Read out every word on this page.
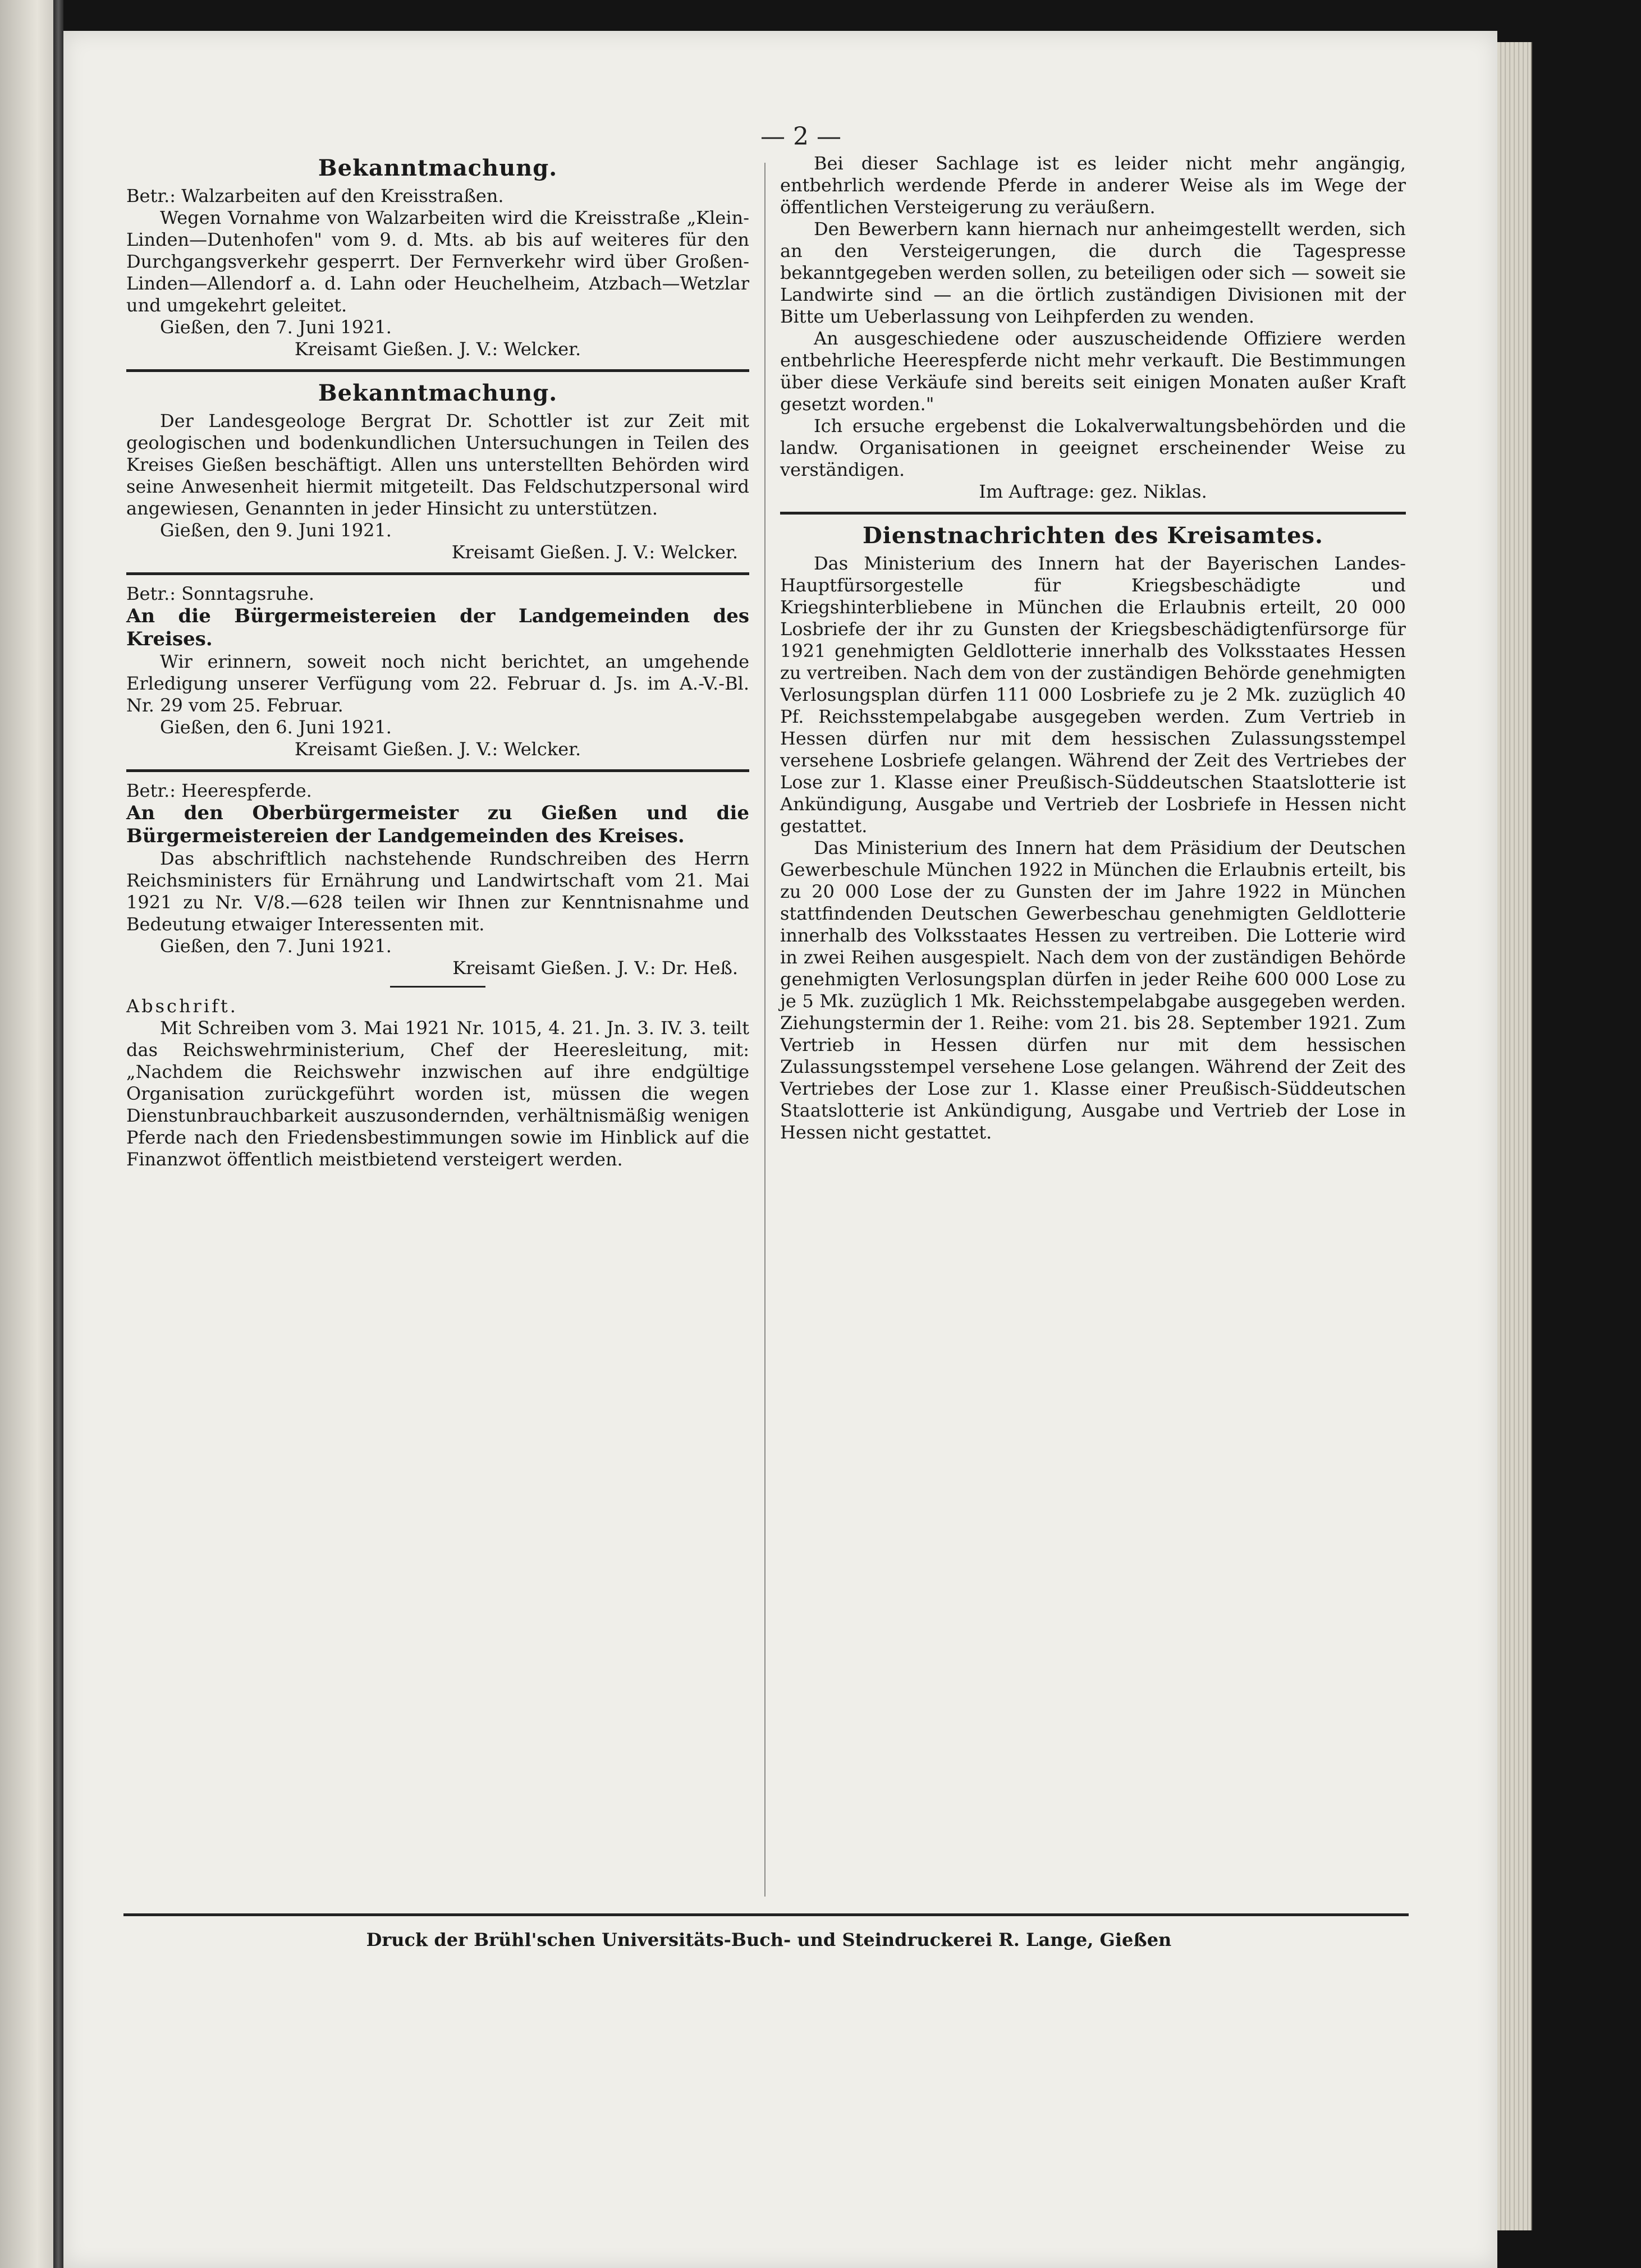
— 2 —
Bekanntmachung.

Betr.: Walzarbeiten auf den Kreisstraßen.

Wegen Vornahme von Walzarbeiten wird die Kreisstraße „Klein-Linden—Dutenhofen" vom 9. d. Mts. ab bis auf weiteres für den Durchgangsverkehr gesperrt. Der Fernverkehr wird über Großen-Linden—Allendorf a. d. Lahn oder Heuchelheim, Atzbach—Wetzlar und umgekehrt geleitet.

Gießen, den 7. Juni 1921.

Kreisamt Gießen. J. V.: Welcker.

Bekanntmachung.

Der Landesgeologe Bergrat Dr. Schottler ist zur Zeit mit geologischen und bodenkundlichen Untersuchungen in Teilen des Kreises Gießen beschäftigt. Allen uns unterstellten Behörden wird seine Anwesenheit hiermit mitgeteilt. Das Feldschutzpersonal wird angewiesen, Genannten in jeder Hinsicht zu unterstützen.

Gießen, den 9. Juni 1921.

Kreisamt Gießen. J. V.: Welcker.

Betr.: Sonntagsruhe.

An die Bürgermeistereien der Landgemeinden des Kreises.

Wir erinnern, soweit noch nicht berichtet, an umgehende Erledigung unserer Verfügung vom 22. Februar d. Js. im A.-V.-Bl. Nr. 29 vom 25. Februar.

Gießen, den 6. Juni 1921.

Kreisamt Gießen. J. V.: Welcker.

Betr.: Heerespferde.

An den Oberbürgermeister zu Gießen und die Bürgermeistereien der Landgemeinden des Kreises.

Das abschriftlich nachstehende Rundschreiben des Herrn Reichsministers für Ernährung und Landwirtschaft vom 21. Mai 1921 zu Nr. V/8.—628 teilen wir Ihnen zur Kenntnisnahme und Bedeutung etwaiger Interessenten mit.

Gießen, den 7. Juni 1921.

Kreisamt Gießen. J. V.: Dr. Heß.

Abschrift.

Mit Schreiben vom 3. Mai 1921 Nr. 1015, 4. 21. Jn. 3. IV. 3. teilt das Reichswehrministerium, Chef der Heeresleitung, mit: „Nachdem die Reichswehr inzwischen auf ihre endgültige Organisation zurückgeführt worden ist, müssen die wegen Dienstunbrauchbarkeit auszusondernden, verhältnismäßig wenigen Pferde nach den Friedensbestimmungen sowie im Hinblick auf die Finanzwot öffentlich meistbietend versteigert werden.

Bei dieser Sachlage ist es leider nicht mehr angängig, entbehrlich werdende Pferde in anderer Weise als im Wege der öffentlichen Versteigerung zu veräußern.

Den Bewerbern kann hiernach nur anheimgestellt werden, sich an den Versteigerungen, die durch die Tagespresse bekanntgegeben werden sollen, zu beteiligen oder sich — soweit sie Landwirte sind — an die örtlich zuständigen Divisionen mit der Bitte um Ueberlassung von Leihpferden zu wenden.

An ausgeschiedene oder auszuscheidende Offiziere werden entbehrliche Heerespferde nicht mehr verkauft. Die Bestimmungen über diese Verkäufe sind bereits seit einigen Monaten außer Kraft gesetzt worden."

Ich ersuche ergebenst die Lokalverwaltungsbehörden und die landw. Organisationen in geeignet erscheinender Weise zu verständigen.

Im Auftrage: gez. Niklas.

Dienstnachrichten des Kreisamtes.

Das Ministerium des Innern hat der Bayerischen Landes-Hauptfürsorgestelle für Kriegsbeschädigte und Kriegshinterbliebene in München die Erlaubnis erteilt, 20 000 Losbriefe der ihr zu Gunsten der Kriegsbeschädigtenfürsorge für 1921 genehmigten Geldlotterie innerhalb des Volksstaates Hessen zu vertreiben. Nach dem von der zuständigen Behörde genehmigten Verlosungsplan dürfen 111 000 Losbriefe zu je 2 Mk. zuzüglich 40 Pf. Reichsstempelabgabe ausgegeben werden. Zum Vertrieb in Hessen dürfen nur mit dem hessischen Zulassungsstempel versehene Losbriefe gelangen. Während der Zeit des Vertriebes der Lose zur 1. Klasse einer Preußisch-Süddeutschen Staatslotterie ist Ankündigung, Ausgabe und Vertrieb der Losbriefe in Hessen nicht gestattet.

Das Ministerium des Innern hat dem Präsidium der Deutschen Gewerbeschule München 1922 in München die Erlaubnis erteilt, bis zu 20 000 Lose der zu Gunsten der im Jahre 1922 in München stattfindenden Deutschen Gewerbeschau genehmigten Geldlotterie innerhalb des Volksstaates Hessen zu vertreiben. Die Lotterie wird in zwei Reihen ausgespielt. Nach dem von der zuständigen Behörde genehmigten Verlosungsplan dürfen in jeder Reihe 600 000 Lose zu je 5 Mk. zuzüglich 1 Mk. Reichsstempelabgabe ausgegeben werden. Ziehungstermin der 1. Reihe: vom 21. bis 28. September 1921. Zum Vertrieb in Hessen dürfen nur mit dem hessischen Zulassungsstempel versehene Lose gelangen. Während der Zeit des Vertriebes der Lose zur 1. Klasse einer Preußisch-Süddeutschen Staatslotterie ist Ankündigung, Ausgabe und Vertrieb der Lose in Hessen nicht gestattet.

Druck der Brühl'schen Universitäts-Buch- und Steindruckerei R. Lange, Gießen
